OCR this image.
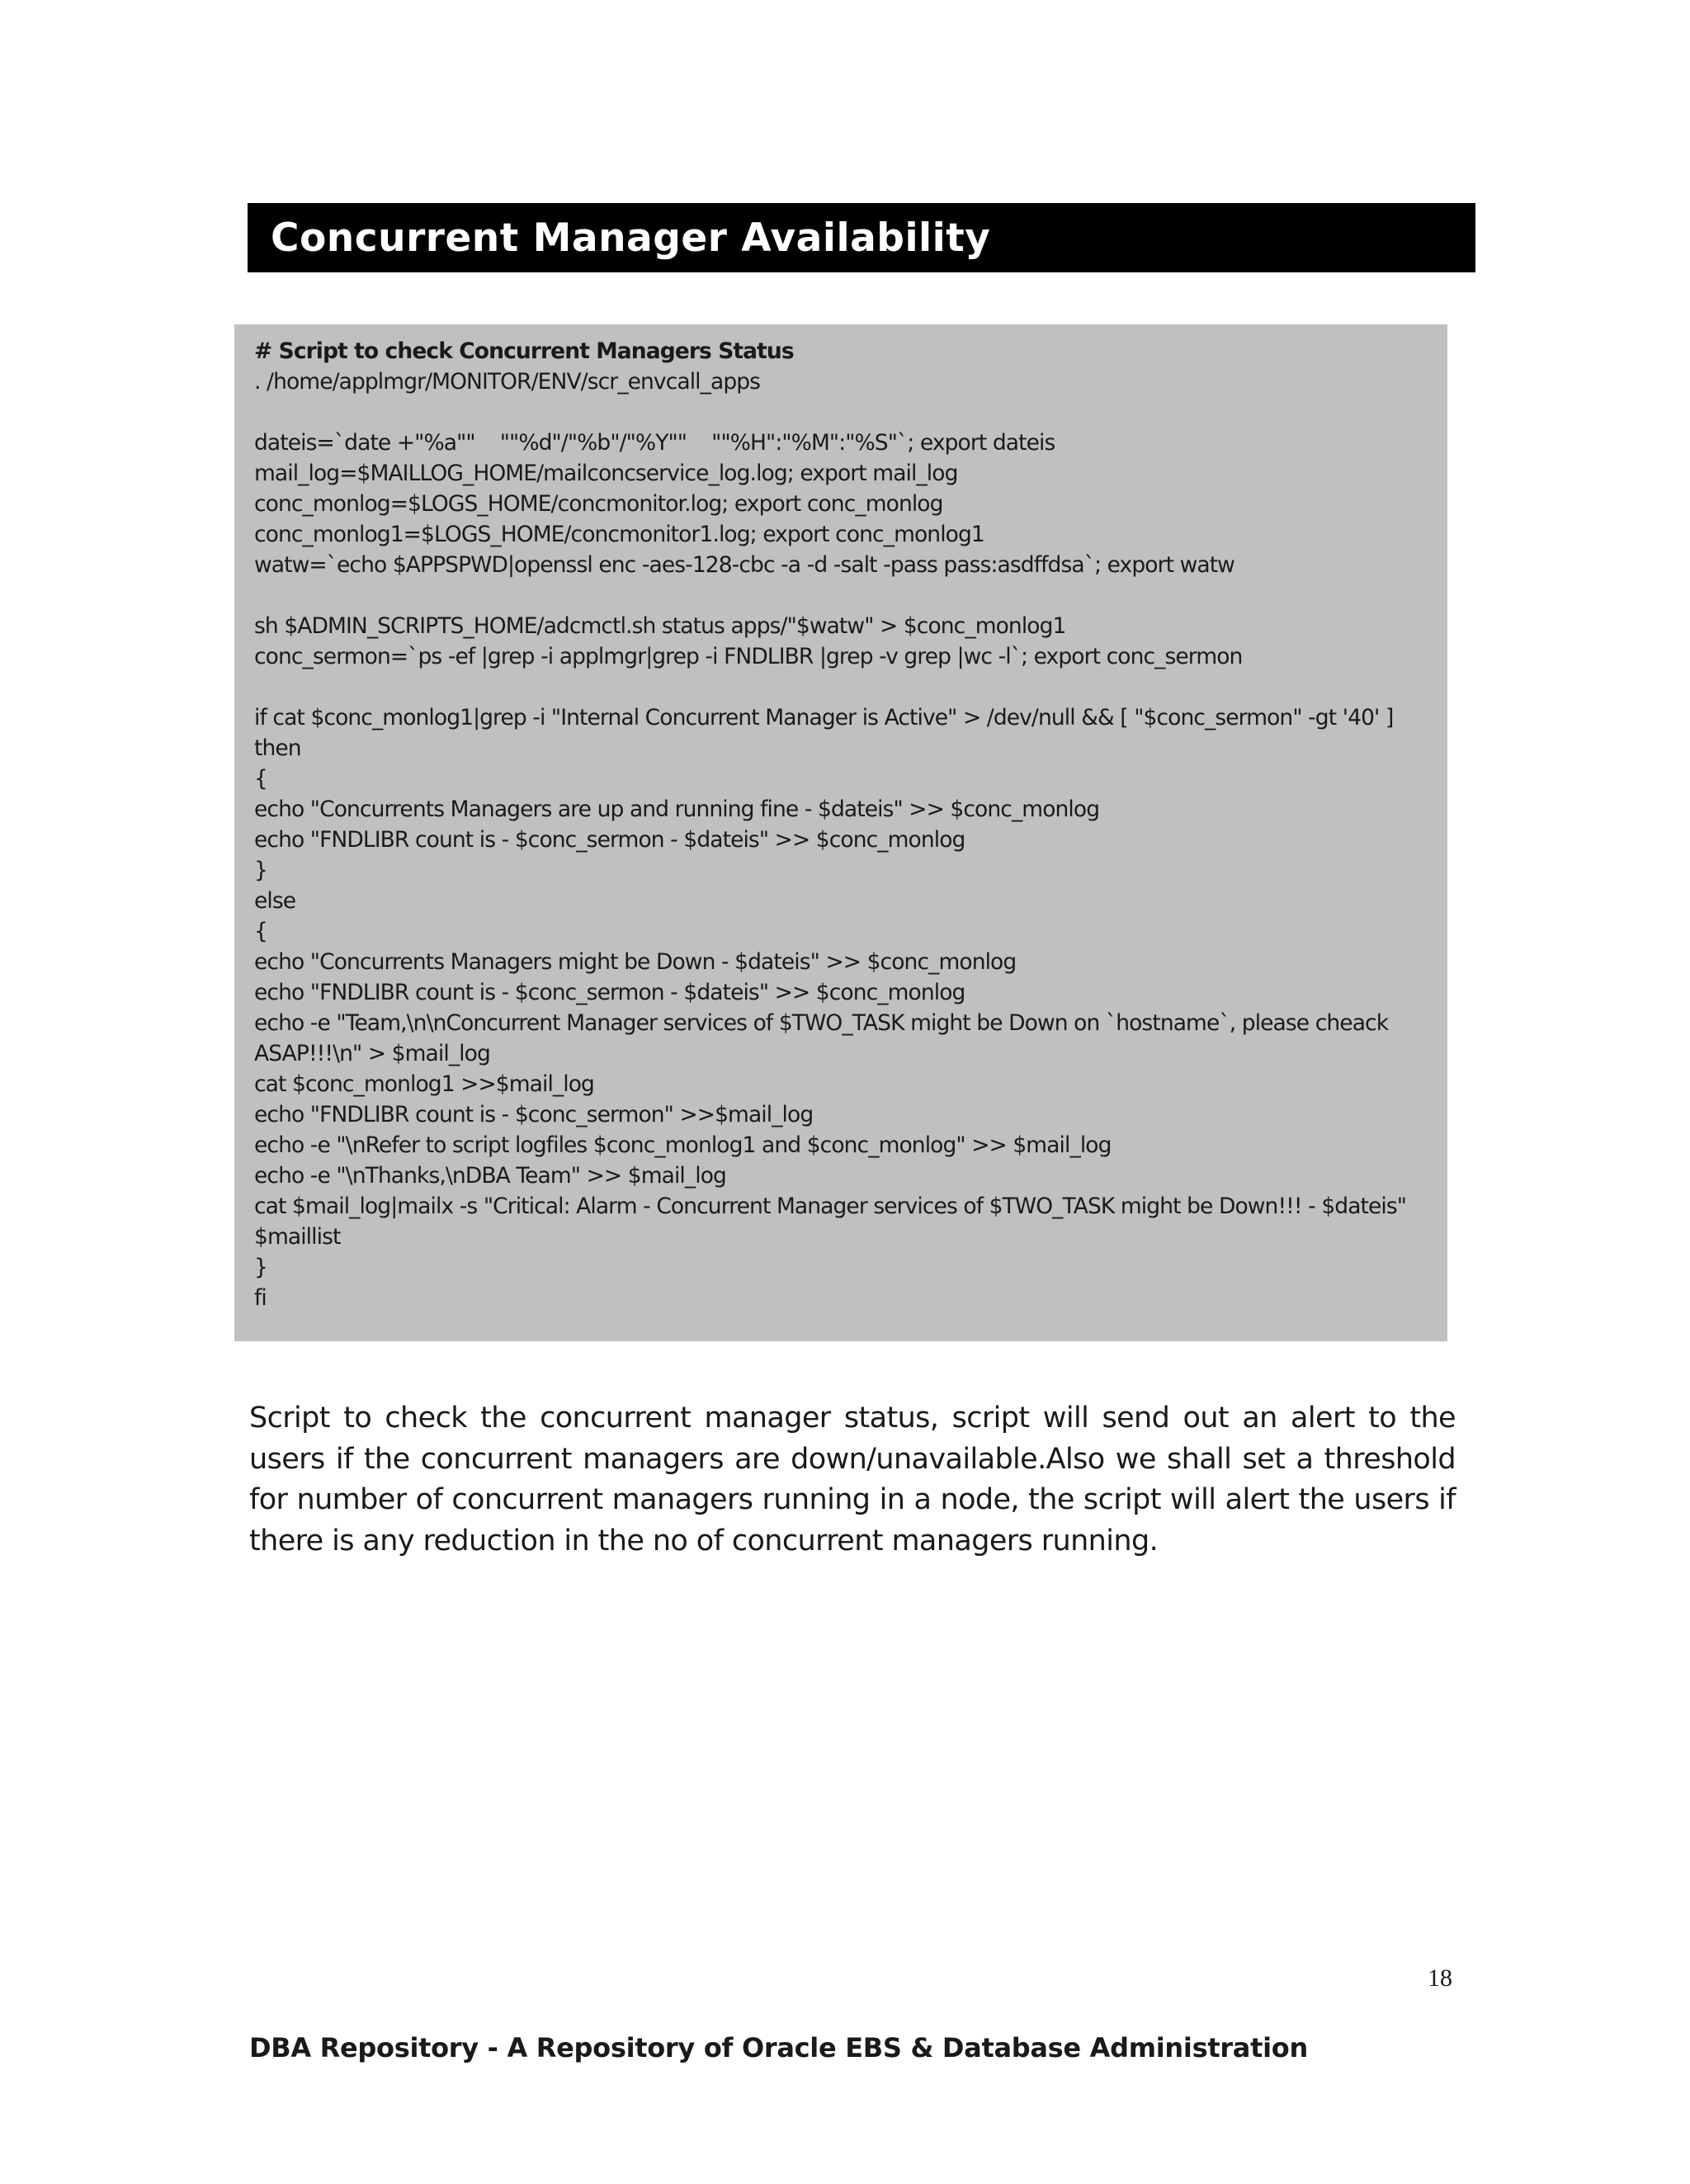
Concurrent Manager Availability
# Script to check Concurrent Managers Status
. /home/applmgr/MONITOR/ENV/scr_envcall_apps
dateis=`date +"%a""    ""%d"/"%b"/"%Y""    ""%H":"%M":"%S"`; export dateis
mail_log=$MAILLOG_HOME/mailconcservice_log.log; export mail_log
conc_monlog=$LOGS_HOME/concmonitor.log; export conc_monlog
conc_monlog1=$LOGS_HOME/concmonitor1.log; export conc_monlog1
watw=`echo $APPSPWD|openssl enc -aes-128-cbc -a -d -salt -pass pass:asdffdsa`; export watw
sh $ADMIN_SCRIPTS_HOME/adcmctl.sh status apps/"$watw" > $conc_monlog1
conc_sermon=`ps -ef |grep -i applmgr|grep -i FNDLIBR |grep -v grep |wc -l`; export conc_sermon
if cat $conc_monlog1|grep -i "Internal Concurrent Manager is Active" > /dev/null && [ "$conc_sermon" -gt '40' ]
then
{
echo "Concurrents Managers are up and running fine - $dateis" >> $conc_monlog
echo "FNDLIBR count is - $conc_sermon - $dateis" >> $conc_monlog
}
else
{
echo "Concurrents Managers might be Down - $dateis" >> $conc_monlog
echo "FNDLIBR count is - $conc_sermon - $dateis" >> $conc_monlog
echo -e "Team,\n\nConcurrent Manager services of $TWO_TASK might be Down on `hostname`, please cheack
ASAP!!!\n" > $mail_log
cat $conc_monlog1 >>$mail_log
echo "FNDLIBR count is - $conc_sermon" >>$mail_log
echo -e "\nRefer to script logfiles $conc_monlog1 and $conc_monlog" >> $mail_log
echo -e "\nThanks,\nDBA Team" >> $mail_log
cat $mail_log|mailx -s "Critical: Alarm - Concurrent Manager services of $TWO_TASK might be Down!!! - $dateis"
$maillist
}
fi

Script to check the concurrent manager status, script will send out an alert to the users if the concurrent managers are down/unavailable.Also we shall set a threshold for number of concurrent managers running in a node, the script will alert the users if there is any reduction in the no of concurrent managers running.

18
DBA Repository - A Repository of Oracle EBS & Database Administration
